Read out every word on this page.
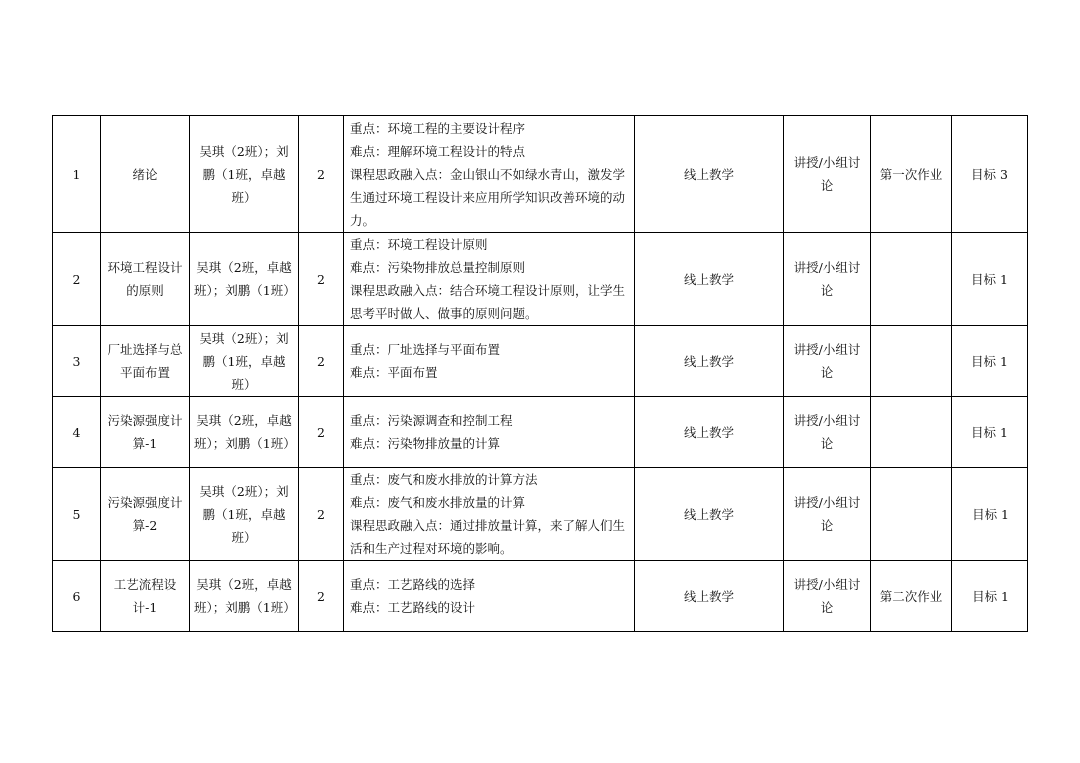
1	绪论	吴琪（2班）；刘鹏（1班，卓越班）	2	重点：环境工程的主要设计程序
难点：理解环境工程设计的特点
课程思政融入点：金山银山不如绿水青山，激发学生通过环境工程设计来应用所学知识改善环境的动力。	线上教学	讲授/小组讨论	第一次作业	目标 3
2	环境工程设计的原则	吴琪（2班，卓越班）；刘鹏（1班）	2	重点：环境工程设计原则
难点：污染物排放总量控制原则
课程思政融入点：结合环境工程设计原则，让学生思考平时做人、做事的原则问题。	线上教学	讲授/小组讨论		目标 1
3	厂址选择与总平面布置	吴琪（2班）；刘鹏（1班，卓越班）	2	重点：厂址选择与平面布置
难点：平面布置	线上教学	讲授/小组讨论		目标 1
4	污染源强度计算-1	吴琪（2班，卓越班）；刘鹏（1班）	2	重点：污染源调查和控制工程
难点：污染物排放量的计算	线上教学	讲授/小组讨论		目标 1
5	污染源强度计算-2	吴琪（2班）；刘鹏（1班，卓越班）	2	重点：废气和废水排放的计算方法
难点：废气和废水排放量的计算
课程思政融入点：通过排放量计算，来了解人们生活和生产过程对环境的影响。	线上教学	讲授/小组讨论		目标 1
6	工艺流程设计-1	吴琪（2班，卓越班）；刘鹏（1班）	2	重点：工艺路线的选择
难点：工艺路线的设计	线上教学	讲授/小组讨论	第二次作业	目标 1
